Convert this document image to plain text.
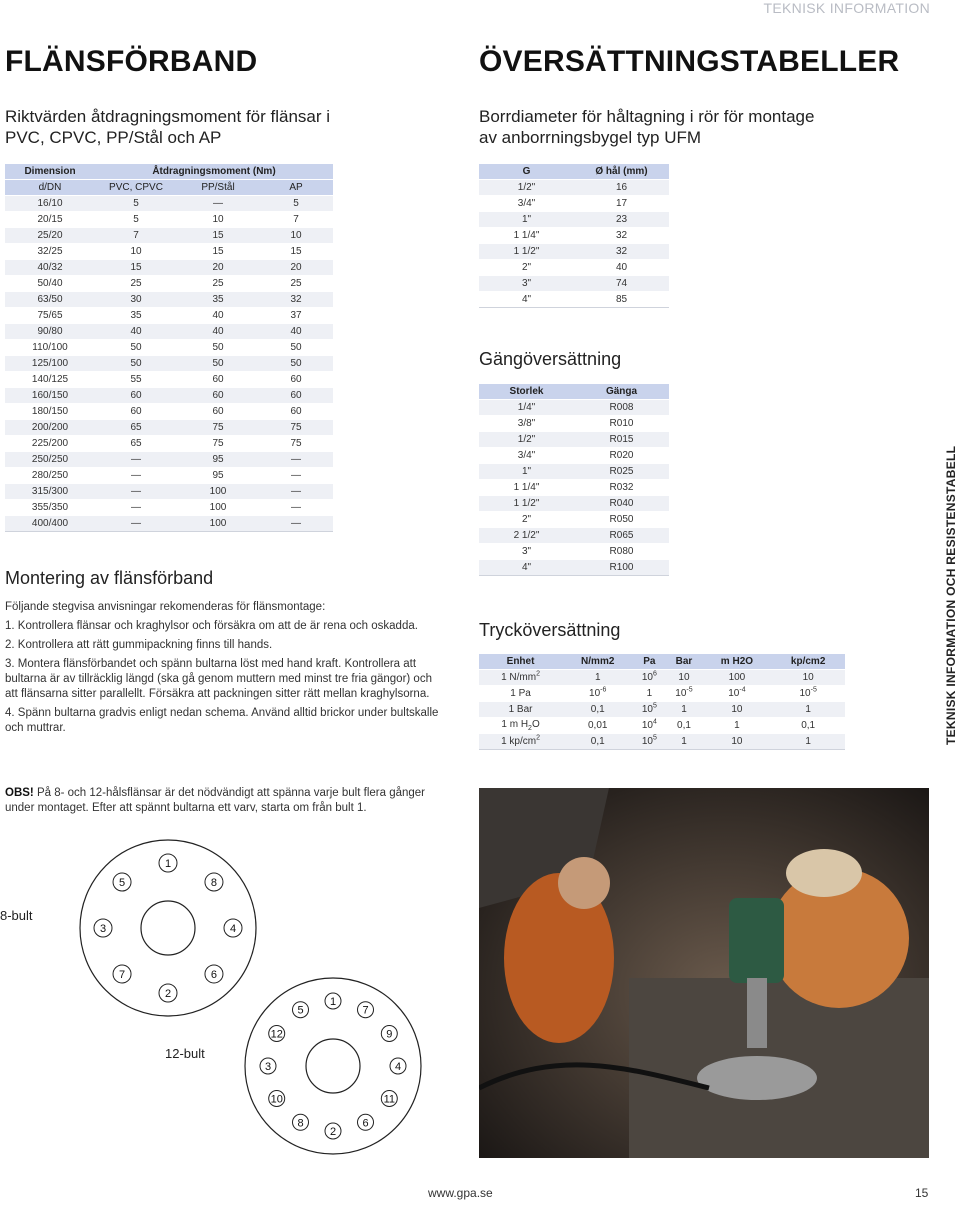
TEKNISK INFORMATION
FLÄNSFÖRBAND
Riktvärden åtdragningsmoment för flänsar i
PVC, CPVC, PP/Stål och AP
Dimension	Åtdragningsmoment (Nm)		
d/DN	PVC, CPVC	PP/Stål	AP
16/10	5	—	5
20/15	5	10	7
25/20	7	15	10
32/25	10	15	15
40/32	15	20	20
50/40	25	25	25
63/50	30	35	32
75/65	35	40	37
90/80	40	40	40
110/100	50	50	50
125/100	50	50	50
140/125	55	60	60
160/150	60	60	60
180/150	60	60	60
200/200	65	75	75
225/200	65	75	75
250/250	—	95	—
280/250	—	95	—
315/300	—	100	—
355/350	—	100	—
400/400	—	100	—
Montering av flänsförband

Följande stegvisa anvisningar rekomenderas för flänsmontage:

1. Kontrollera flänsar och kraghylsor och försäkra om att de är rena och oskadda.

2. Kontrollera att rätt gummipackning finns till hands.

3. Montera flänsförbandet och spänn bultarna löst med hand kraft. Kontrollera att bultarna är av tillräcklig längd (ska gå genom muttern med minst tre fria gängor) och att flänsarna sitter parallellt. Försäkra att packningen sitter rätt mellan kraghylsorna.

4. Spänn bultarna gradvis enligt nedan schema. Använd alltid brickor under bultskalle och muttrar.

OBS! På 8- och 12-hålsflänsar är det nödvändigt att spänna varje bult flera gånger under montaget. Efter att spännt bultarna ett varv, starta om från bult 1.
8-bult
12-bult
1
8
4
6
2
7
3
5
1
7
9
4
11
6
2
8
10
3
12
5
ÖVERSÄTTNINGSTABELLER
Borrdiameter för håltagning i rör för montage
av anborrningsbygel typ UFM
G	Ø hål (mm)
1/2"	16
3/4"	17
1"	23
1 1/4"	32
1 1/2"	32
2"	40
3"	74
4"	85
Gängöversättning
Storlek	Gänga
1/4"	R008
3/8"	R010
1/2"	R015
3/4"	R020
1"	R025
1 1/4"	R032
1 1/2"	R040
2"	R050
2 1/2"	R065
3"	R080
4"	R100
Trycköversättning
Enhet	N/mm2	Pa	Bar	m H2O	kp/cm2
1 $N/mm^2$	1	$10^6$	10	100	10
1 Pa	$10^{-6}$	1	$10^{-5}$	$10^{-4}$	$10^{-5}$
1 Bar	0,1	$10^5$	1	10	1
1 m $H_2O$	0,01	$10^4$	0,1	1	0,1
1 $kp/cm^2$	0,1	$10^5$	1	10	1	TEKNISK INFORMATION OCH RESISTENSTABELL
www.gpa.se	15
